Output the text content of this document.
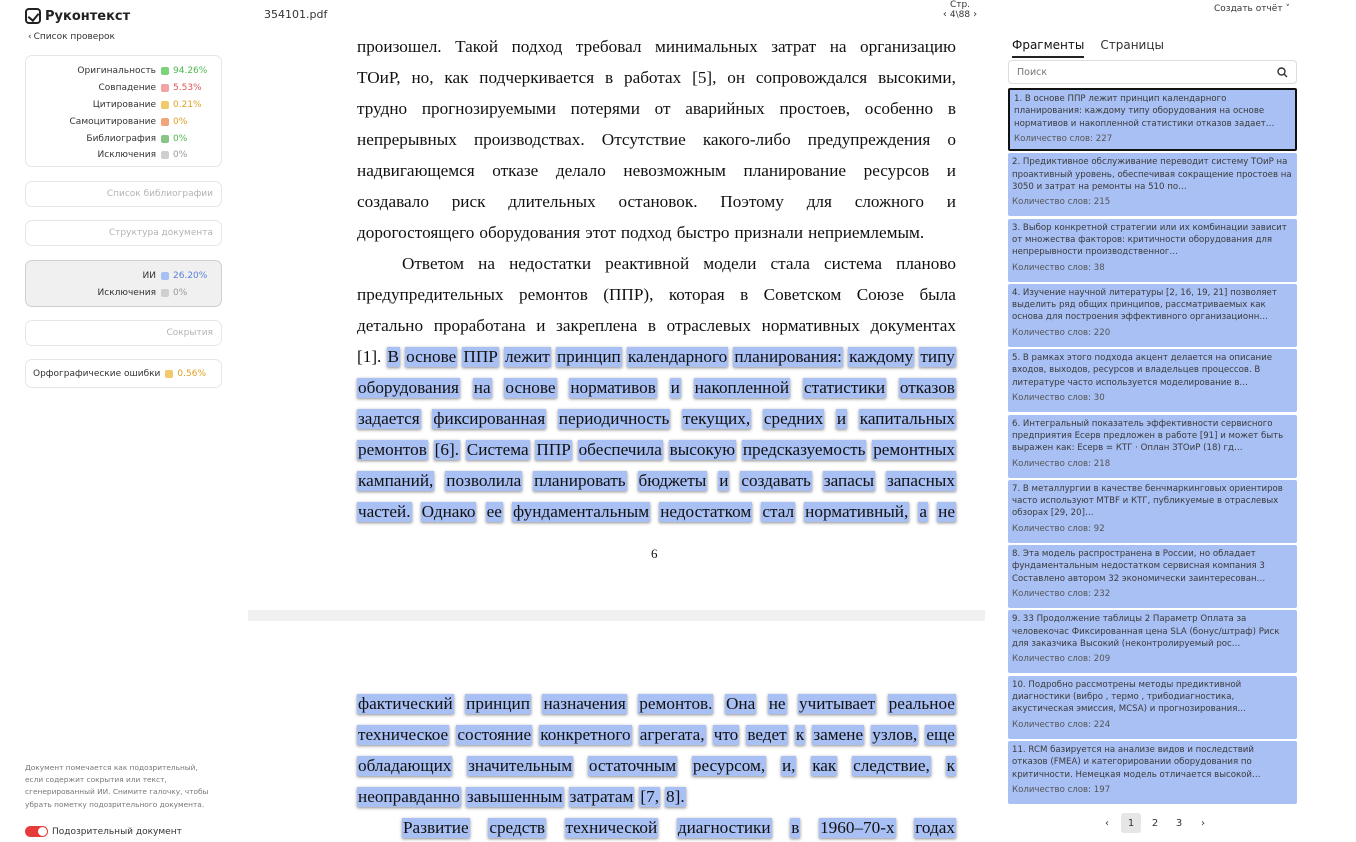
Руконтекст
‹ Список проверок
Оригинальность 94.26%
Совпадение 5.53%
Цитирование 0.21%
Самоцитирование 0%
Библиография 0%
Исключения 0%
Список библиографии
Структура документа
ИИ 26.20%
Исключения 0%
Сокрытия
Орфографические ошибки 0.56%
Документ помечается как подозрительный, если содержит сокрытия или текст, сгенерированный ИИ. Снимите галочку, чтобы убрать пометку подозрительного документа.
Подозрительный документ
354101.pdf
Стр.
‹ 4\88 ›	Создать отчёт ˅
6
произошел. Такой подход требовал минимальных затрат на организацию
ТОиР, но, как подчеркивается в работах [5], он сопровождался высокими,
трудно прогнозируемыми потерями от аварийных простоев, особенно в
непрерывных производствах. Отсутствие какого-либо предупреждения о
надвигающемся отказе делало невозможным планирование ресурсов и
создавало риск длительных остановок. Поэтому для сложного и
дорогостоящего оборудования этот подход быстро признали неприемлемым.
Ответом на недостатки реактивной модели стала система планово
предупредительных ремонтов (ППР), которая в Советском Союзе была
детально проработана и закреплена в отраслевых нормативных документах
[1]. В основе ППР лежит принцип календарного планирования: каждому типу
оборудования на основе нормативов и накопленной статистики отказов
задается фиксированная периодичность текущих, средних и капитальных
ремонтов [6]. Система ППР обеспечила высокую предсказуемость ремонтных
кампаний, позволила планировать бюджеты и создавать запасы запасных
частей. Однако ее фундаментальным недостатком стал нормативный, а не
фактический принцип назначения ремонтов. Она не учитывает реальное
техническое состояние конкретного агрегата, что ведет к замене узлов, еще
обладающих значительным остаточным ресурсом, и, как следствие, к
неоправданно завышенным затратам [7, 8].
Развитие средств технической диагностики в 1960–70-х годах
Фрагменты Страницы
Поиск
1. В основе ППР лежит принцип календарного планирования: каждому типу оборудования на основе нормативов и накопленной статистики отказов задает…
Количество слов: 227
2. Предиктивное обслуживание переводит систему ТОиР на проактивный уровень, обеспечивая сокращение простоев на 3050 и затрат на ремонты на 510 по…
Количество слов: 215
3. Выбор конкретной стратегии или их комбинации зависит от множества факторов: критичности оборудования для непрерывности производственног…
Количество слов: 38
4. Изучение научной литературы [2, 16, 19, 21] позволяет выделить ряд общих принципов, рассматриваемых как основа для построения эффективного организационн…
Количество слов: 220
5. В рамках этого подхода акцент делается на описание входов, выходов, ресурсов и владельцев процессов. В литературе часто используется моделирование в…
Количество слов: 30
6. Интегральный показатель эффективности сервисного предприятия Есерв предложен в работе [91] и может быть выражен как: Есерв = КТГ · Оплан ЗТОиР (18) гд…
Количество слов: 218
7. В металлургии в качестве бенчмаркинговых ориентиров часто используют MTBF и КТГ, публикуемые в отраслевых обзорах [29, 20]…
Количество слов: 92
8. Эта модель распространена в России, но обладает фундаментальным недостатком сервисная компания 3 Составлено автором 32 экономически заинтересован…
Количество слов: 232
9. 33 Продолжение таблицы 2 Параметр Оплата за человекочас Фиксированная цена SLA (бонус/штраф) Риск для заказчика Высокий (неконтролируемый рос…
Количество слов: 209
10. Подробно рассмотрены методы предиктивной диагностики (вибро , термо , трибодиагностика, акустическая эмиссия, MCSA) и прогнозирования…
Количество слов: 224
11. RCM базируется на анализе видов и последствий отказов (FMEA) и категорировании оборудования по критичности. Немецкая модель отличается высокой…
Количество слов: 197
‹	1	2	3	›
